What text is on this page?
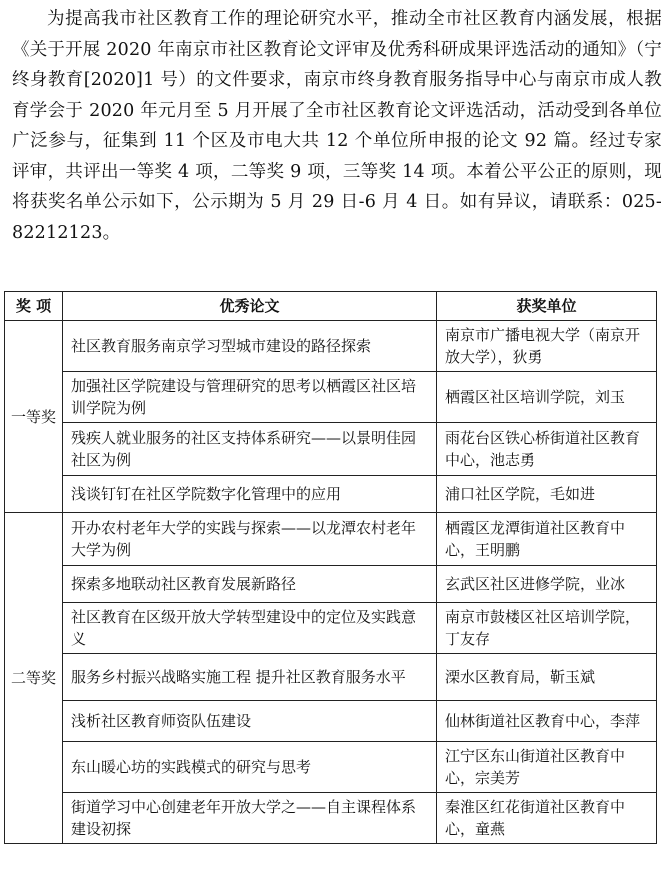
为提高我市社区教育工作的理论研究水平，推动全市社区教育内涵发展，根据《关于开展 2020 年南京市社区教育论文评审及优秀科研成果评选活动的通知》（宁终身教育[2020]1 号）的文件要求，南京市终身教育服务指导中心与南京市成人教育学会于 2020 年元月至 5 月开展了全市社区教育论文评选活动，活动受到各单位广泛参与，征集到 11 个区及市电大共 12 个单位所申报的论文 92 篇。经过专家评审，共评出一等奖 4 项，二等奖 9 项，三等奖 14 项。本着公平公正的原则，现将获奖名单公示如下，公示期为 5 月 29 日-6 月 4 日。如有异议，请联系：025-82212123。

奖 项	优秀论文	获奖单位
一等奖	社区教育服务南京学习型城市建设的路径探索	南京市广播电视大学（南京开放大学），狄勇
	加强社区学院建设与管理研究的思考以栖霞区社区培训学院为例	栖霞区社区培训学院，刘玉
	残疾人就业服务的社区支持体系研究——以景明佳园社区为例	雨花台区铁心桥街道社区教育中心，池志勇
	浅谈钉钉在社区学院数字化管理中的应用	浦口社区学院，毛如进
二等奖	开办农村老年大学的实践与探索——以龙潭农村老年大学为例	栖霞区龙潭街道社区教育中心，王明鹏
	探索多地联动社区教育发展新路径	玄武区社区进修学院，业冰
	社区教育在区级开放大学转型建设中的定位及实践意义	南京市鼓楼区社区培训学院，丁友存
	服务乡村振兴战略实施工程 提升社区教育服务水平	溧水区教育局，靳玉斌
	浅析社区教育师资队伍建设	仙林街道社区教育中心，李萍
	东山暖心坊的实践模式的研究与思考	江宁区东山街道社区教育中心，宗美芳
	街道学习中心创建老年开放大学之——自主课程体系建设初探	秦淮区红花街道社区教育中心，童燕
